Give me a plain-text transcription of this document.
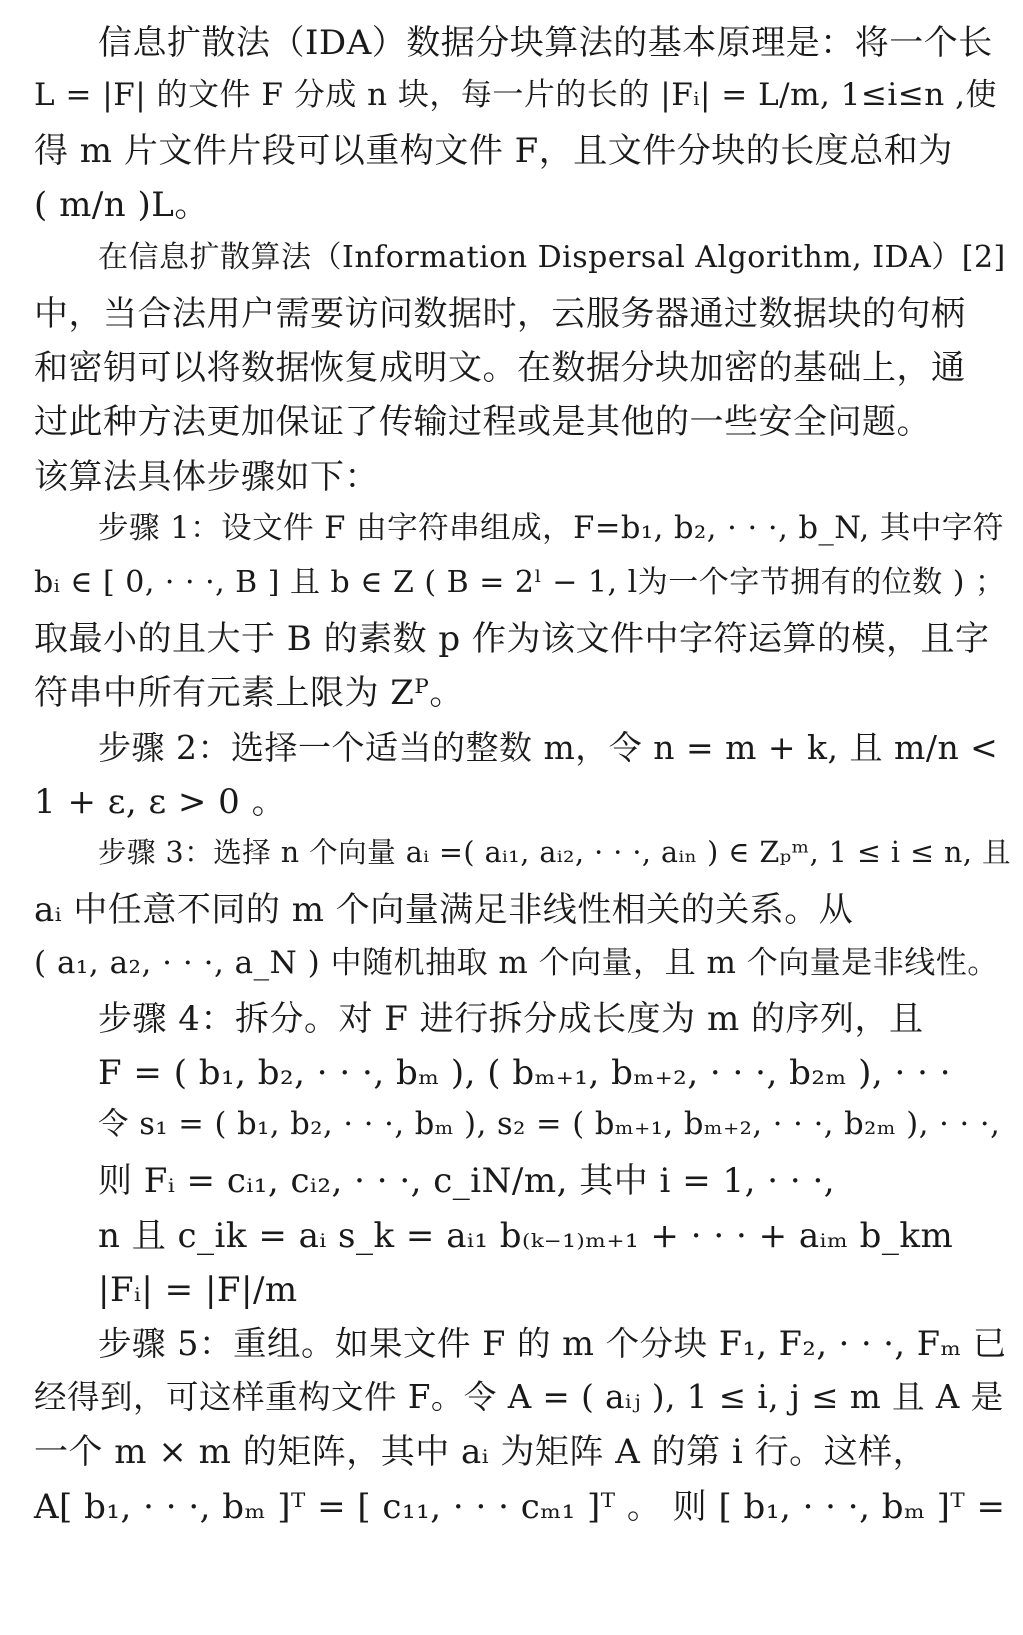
信息扩散法（IDA）数据分块算法的基本原理是：将一个长
L = |F| 的文件 F 分成 n 块，每一片的长的 |Fᵢ| = L/m, 1≤i≤n ,使
得 m 片文件片段可以重构文件 F，且文件分块的长度总和为
( m/n )L。
在信息扩散算法（Information Dispersal Algorithm, IDA）[2]
中，当合法用户需要访问数据时，云服务器通过数据块的句柄
和密钥可以将数据恢复成明文。在数据分块加密的基础上，通
过此种方法更加保证了传输过程或是其他的一些安全问题。
该算法具体步骤如下：
步骤 1：设文件 F 由字符串组成，F=b₁, b₂, · · ·, b_N, 其中字符
bᵢ ∈ [ 0, · · ·, B ] 且 b ∈ Z ( B = 2ˡ − 1, l为一个字节拥有的位数 ) ；
取最小的且大于 B 的素数 p 作为该文件中字符运算的模，且字
符串中所有元素上限为 Zᴾ。
步骤 2：选择一个适当的整数 m，令 n = m + k, 且 m/n <
1 + ε, ε > 0 。
步骤 3：选择 n 个向量 aᵢ =( aᵢ₁, aᵢ₂, · · ·, aᵢₙ ) ∈ Zₚᵐ, 1 ≤ i ≤ n, 且
aᵢ 中任意不同的 m 个向量满足非线性相关的关系。从
( a₁, a₂, · · ·, a_N ) 中随机抽取 m 个向量，且 m 个向量是非线性。
步骤 4：拆分。对 F 进行拆分成长度为 m 的序列，且
F = ( b₁, b₂, · · ·, bₘ ), ( bₘ₊₁, bₘ₊₂, · · ·, b₂ₘ ), · · ·
令 s₁ = ( b₁, b₂, · · ·, bₘ ), s₂ = ( bₘ₊₁, bₘ₊₂, · · ·, b₂ₘ ), · · ·,
则 Fᵢ = cᵢ₁, cᵢ₂, · · ·, c_iN/m, 其中 i = 1, · · ·,
n 且 c_ik = aᵢ s_k = aᵢ₁ b₍ₖ₋₁₎ₘ₊₁ + · · · + aᵢₘ b_km
|Fᵢ| = |F|/m
步骤 5：重组。如果文件 F 的 m 个分块 F₁, F₂, · · ·, Fₘ 已
经得到，可这样重构文件 F。令 A = ( aᵢⱼ ), 1 ≤ i, j ≤ m 且 A 是
一个 m × m 的矩阵，其中 aᵢ 为矩阵 A 的第 i 行。这样，
A[ b₁, · · ·, bₘ ]ᵀ = [ c₁₁, · · · cₘ₁ ]ᵀ 。 则 [ b₁, · · ·, bₘ ]ᵀ =
